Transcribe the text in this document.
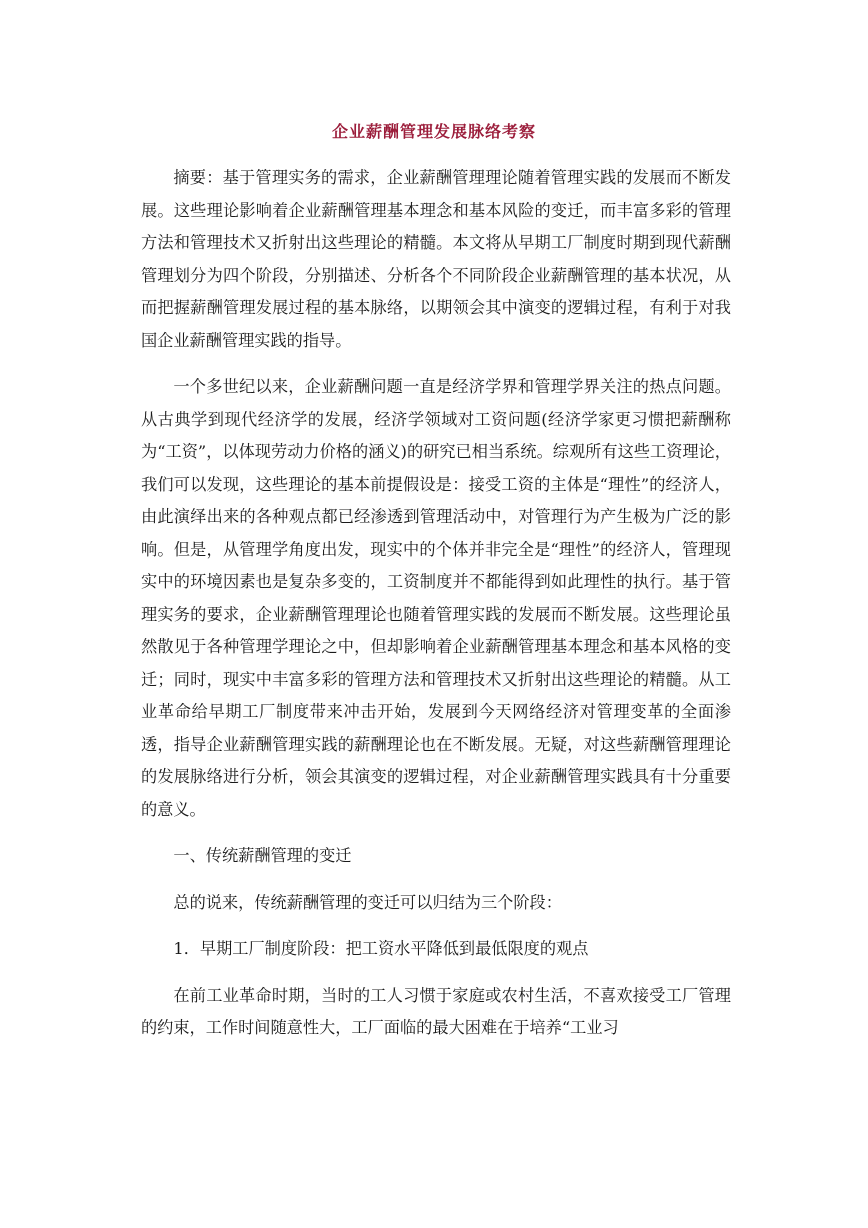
企业薪酬管理发展脉络考察

摘要：基于管理实务的需求，企业薪酬管理理论随着管理实践的发展而不断发展。这些理论影响着企业薪酬管理基本理念和基本风险的变迁，而丰富多彩的管理方法和管理技术又折射出这些理论的精髓。本文将从早期工厂制度时期到现代薪酬管理划分为四个阶段，分别描述、分析各个不同阶段企业薪酬管理的基本状况，从而把握薪酬管理发展过程的基本脉络，以期领会其中演变的逻辑过程，有利于对我国企业薪酬管理实践的指导。

一个多世纪以来，企业薪酬问题一直是经济学界和管理学界关注的热点问题。从古典学到现代经济学的发展，经济学领域对工资问题(经济学家更习惯把薪酬称为“工资”，以体现劳动力价格的涵义)的研究已相当系统。综观所有这些工资理论，我们可以发现，这些理论的基本前提假设是：接受工资的主体是“理性”的经济人，由此演绎出来的各种观点都已经渗透到管理活动中，对管理行为产生极为广泛的影响。但是，从管理学角度出发，现实中的个体并非完全是“理性”的经济人，管理现实中的环境因素也是复杂多变的，工资制度并不都能得到如此理性的执行。基于管理实务的要求，企业薪酬管理理论也随着管理实践的发展而不断发展。这些理论虽然散见于各种管理学理论之中，但却影响着企业薪酬管理基本理念和基本风格的变迁；同时，现实中丰富多彩的管理方法和管理技术又折射出这些理论的精髓。从工业革命给早期工厂制度带来冲击开始，发展到今天网络经济对管理变革的全面渗透，指导企业薪酬管理实践的薪酬理论也在不断发展。无疑，对这些薪酬管理理论的发展脉络进行分析，领会其演变的逻辑过程，对企业薪酬管理实践具有十分重要的意义。

一、传统薪酬管理的变迁

总的说来，传统薪酬管理的变迁可以归结为三个阶段：

1．早期工厂制度阶段：把工资水平降低到最低限度的观点

在前工业革命时期，当时的工人习惯于家庭或农村生活，不喜欢接受工厂管理的约束，工作时间随意性大，工厂面临的最大困难在于培养“工业习
